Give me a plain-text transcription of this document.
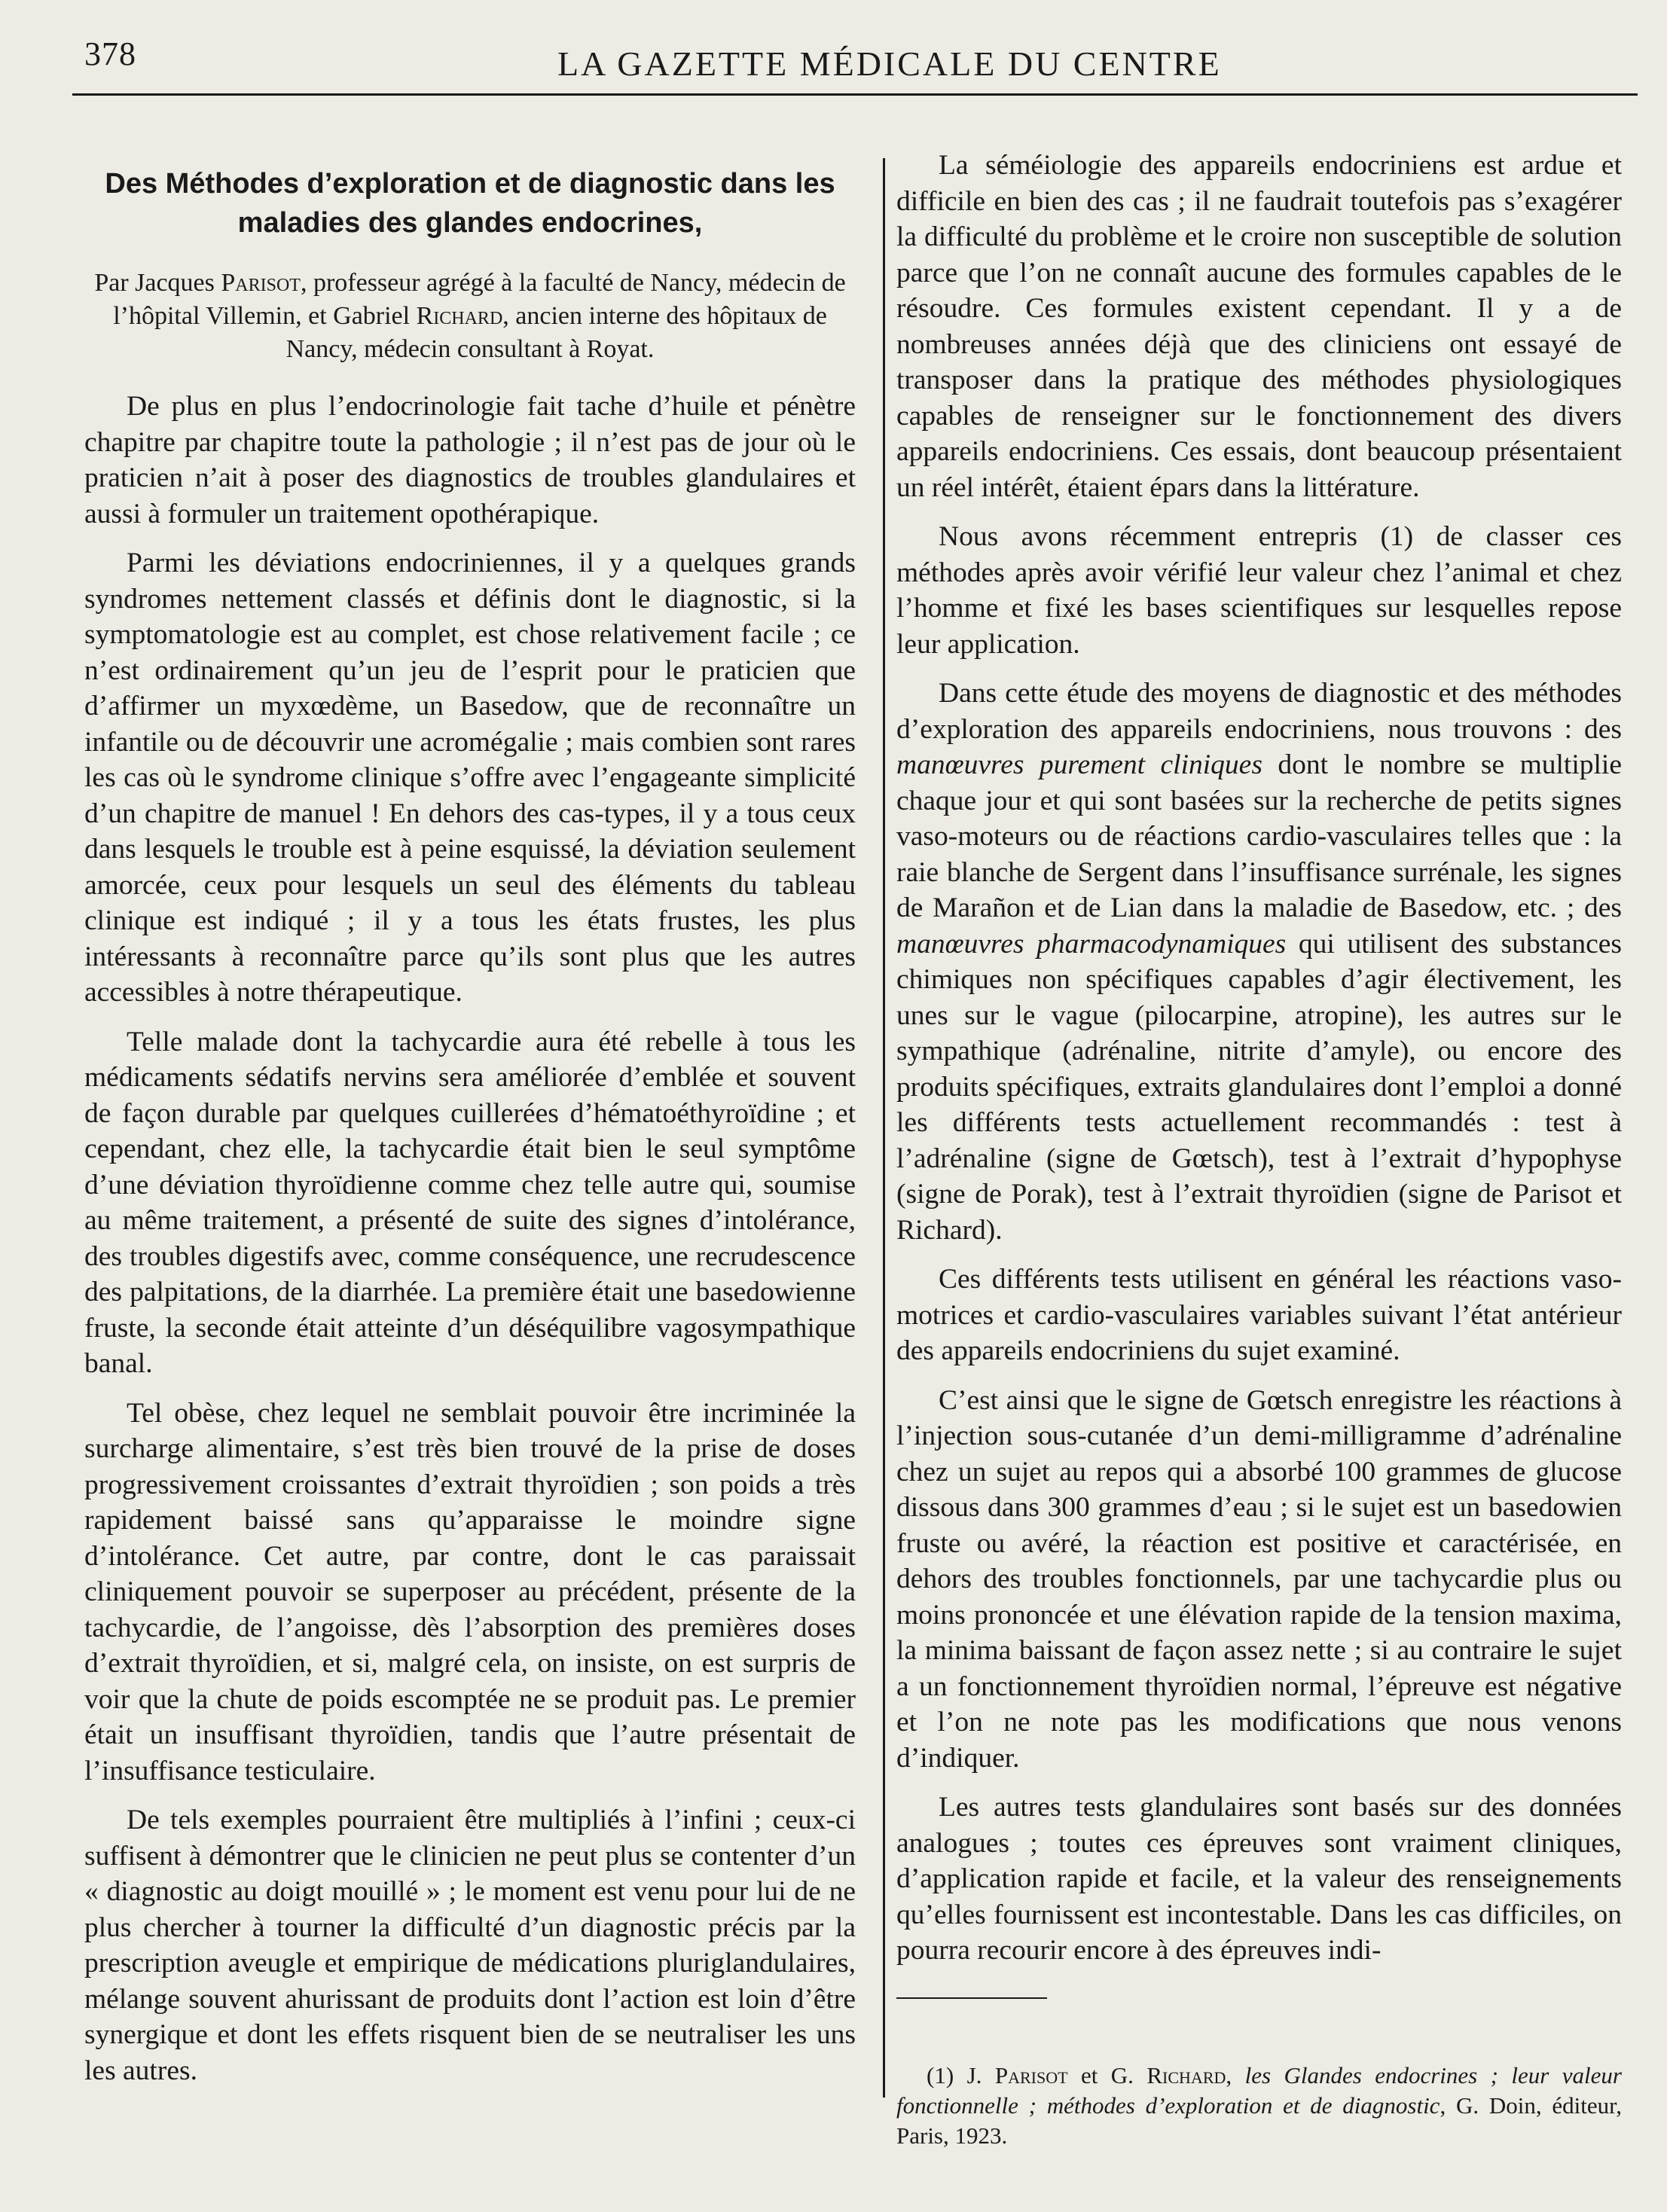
378	LA GAZETTE MÉDICALE DU CENTRE
Des Méthodes d’exploration et de diagnostic dans les maladies des glandes endocrines,
Par Jacques Parisot, professeur agrégé à la faculté de Nancy, médecin de l’hôpital Villemin, et Gabriel Richard, ancien interne des hôpitaux de Nancy, médecin consultant à Royat.

De plus en plus l’endocrinologie fait tache d’huile et pénètre chapitre par chapitre toute la pathologie ; il n’est pas de jour où le praticien n’ait à poser des diagnostics de troubles glandulaires et aussi à formuler un traitement opothérapique.

Parmi les déviations endocriniennes, il y a quelques grands syndromes nettement classés et définis dont le diagnostic, si la symptomatologie est au complet, est chose relativement facile ; ce n’est ordinairement qu’un jeu de l’esprit pour le praticien que d’affirmer un myxœdème, un Basedow, que de reconnaître un infantile ou de découvrir une acromégalie ; mais combien sont rares les cas où le syndrome clinique s’offre avec l’engageante simplicité d’un chapitre de manuel ! En dehors des cas-types, il y a tous ceux dans lesquels le trouble est à peine esquissé, la déviation seulement amorcée, ceux pour lesquels un seul des éléments du tableau clinique est indiqué ; il y a tous les états frustes, les plus intéressants à reconnaître parce qu’ils sont plus que les autres accessibles à notre thérapeutique.

Telle malade dont la tachycardie aura été rebelle à tous les médicaments sédatifs nervins sera améliorée d’emblée et souvent de façon durable par quelques cuillerées d’hématoéthyroïdine ; et cependant, chez elle, la tachycardie était bien le seul symptôme d’une déviation thyroïdienne comme chez telle autre qui, soumise au même traitement, a présenté de suite des signes d’intolérance, des troubles digestifs avec, comme conséquence, une recrudescence des palpitations, de la diarrhée. La première était une basedowienne fruste, la seconde était atteinte d’un déséquilibre vagosympathique banal.

Tel obèse, chez lequel ne semblait pouvoir être incriminée la surcharge alimentaire, s’est très bien trouvé de la prise de doses progressivement croissantes d’extrait thyroïdien ; son poids a très rapidement baissé sans qu’apparaisse le moindre signe d’intolérance. Cet autre, par contre, dont le cas paraissait cliniquement pouvoir se superposer au précédent, présente de la tachycardie, de l’angoisse, dès l’absorption des premières doses d’extrait thyroïdien, et si, malgré cela, on insiste, on est surpris de voir que la chute de poids escomptée ne se produit pas. Le premier était un insuffisant thyroïdien, tandis que l’autre présentait de l’insuffisance testiculaire.

De tels exemples pourraient être multipliés à l’infini ; ceux-ci suffisent à démontrer que le clinicien ne peut plus se contenter d’un « diagnostic au doigt mouillé » ; le moment est venu pour lui de ne plus chercher à tourner la difficulté d’un diagnostic précis par la prescription aveugle et empirique de médications pluriglandulaires, mélange souvent ahurissant de produits dont l’action est loin d’être synergique et dont les effets risquent bien de se neutraliser les uns les autres.

La séméiologie des appareils endocriniens est ardue et difficile en bien des cas ; il ne faudrait toutefois pas s’exagérer la difficulté du problème et le croire non susceptible de solution parce que l’on ne connaît aucune des formules capables de le résoudre. Ces formules existent cependant. Il y a de nombreuses années déjà que des cliniciens ont essayé de transposer dans la pratique des méthodes physiologiques capables de renseigner sur le fonctionnement des divers appareils endocriniens. Ces essais, dont beaucoup présentaient un réel intérêt, étaient épars dans la littérature.

Nous avons récemment entrepris (1) de classer ces méthodes après avoir vérifié leur valeur chez l’animal et chez l’homme et fixé les bases scientifiques sur lesquelles repose leur application.

Dans cette étude des moyens de diagnostic et des méthodes d’exploration des appareils endocriniens, nous trouvons : des manœuvres purement cliniques dont le nombre se multiplie chaque jour et qui sont basées sur la recherche de petits signes vaso-moteurs ou de réactions cardio-vasculaires telles que : la raie blanche de Sergent dans l’insuffisance surrénale, les signes de Marañon et de Lian dans la maladie de Basedow, etc. ; des manœuvres pharmacodynamiques qui utilisent des substances chimiques non spécifiques capables d’agir électivement, les unes sur le vague (pilocarpine, atropine), les autres sur le sympathique (adrénaline, nitrite d’amyle), ou encore des produits spécifiques, extraits glandulaires dont l’emploi a donné les différents tests actuellement recommandés : test à l’adrénaline (signe de Gœtsch), test à l’extrait d’hypophyse (signe de Porak), test à l’extrait thyroïdien (signe de Parisot et Richard).

Ces différents tests utilisent en général les réactions vaso-motrices et cardio-vasculaires variables suivant l’état antérieur des appareils endocriniens du sujet examiné.

C’est ainsi que le signe de Gœtsch enregistre les réactions à l’injection sous-cutanée d’un demi-milligramme d’adrénaline chez un sujet au repos qui a absorbé 100 grammes de glucose dissous dans 300 grammes d’eau ; si le sujet est un basedowien fruste ou avéré, la réaction est positive et caractérisée, en dehors des troubles fonctionnels, par une tachycardie plus ou moins prononcée et une élévation rapide de la tension maxima, la minima baissant de façon assez nette ; si au contraire le sujet a un fonctionnement thyroïdien normal, l’épreuve est négative et l’on ne note pas les modifications que nous venons d’indiquer.

Les autres tests glandulaires sont basés sur des données analogues ; toutes ces épreuves sont vraiment cliniques, d’application rapide et facile, et la valeur des renseignements qu’elles fournissent est incontestable. Dans les cas difficiles, on pourra recourir encore à des épreuves indi-

(1) J. Parisot et G. Richard, les Glandes endocrines ; leur valeur fonctionnelle ; méthodes d’exploration et de diagnostic, G. Doin, éditeur, Paris, 1923.
